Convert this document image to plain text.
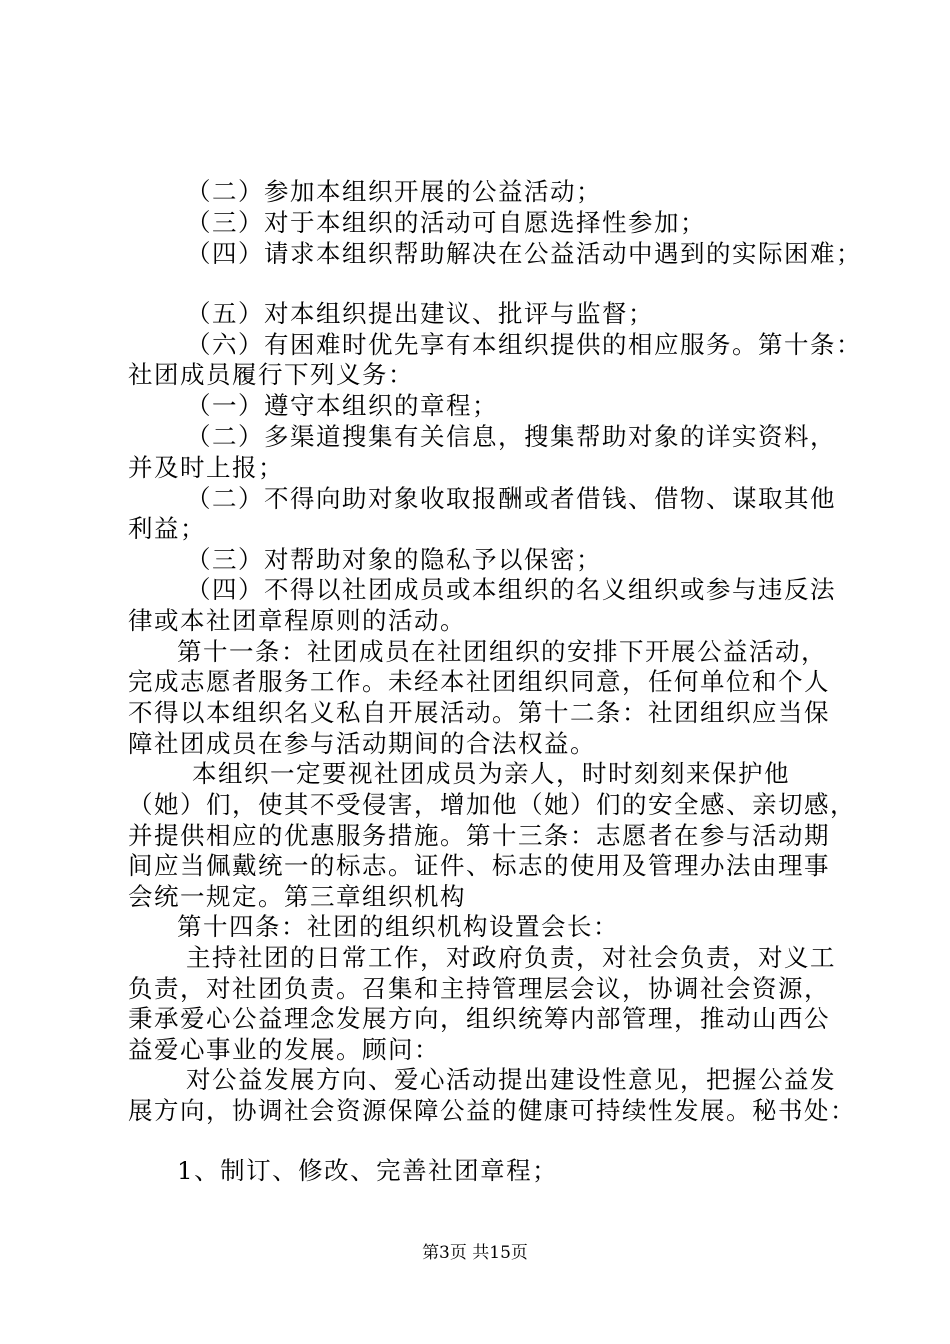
（二）参加本组织开展的公益活动；
（三）对于本组织的活动可自愿选择性参加；
（四）请求本组织帮助解决在公益活动中遇到的实际困难；
（五）对本组织提出建议、批评与监督；
（六）有困难时优先享有本组织提供的相应服务。第十条：
社团成员履行下列义务：
（一）遵守本组织的章程；
（二）多渠道搜集有关信息，搜集帮助对象的详实资料，
并及时上报；
（二）不得向助对象收取报酬或者借钱、借物、谋取其他
利益；
（三）对帮助对象的隐私予以保密；
（四）不得以社团成员或本组织的名义组织或参与违反法
律或本社团章程原则的活动。
第十一条：社团成员在社团组织的安排下开展公益活动，
完成志愿者服务工作。未经本社团组织同意，任何单位和个人
不得以本组织名义私自开展活动。第十二条：社团组织应当保
障社团成员在参与活动期间的合法权益。
本组织一定要视社团成员为亲人，时时刻刻来保护他
（她）们，使其不受侵害，增加他（她）们的安全感、亲切感，
并提供相应的优惠服务措施。第十三条：志愿者在参与活动期
间应当佩戴统一的标志。证件、标志的使用及管理办法由理事
会统一规定。第三章组织机构
第十四条：社团的组织机构设置会长：
主持社团的日常工作，对政府负责，对社会负责，对义工
负责，对社团负责。召集和主持管理层会议，协调社会资源，
秉承爱心公益理念发展方向，组织统筹内部管理，推动山西公
益爱心事业的发展。顾问：
对公益发展方向、爱心活动提出建设性意见，把握公益发
展方向，协调社会资源保障公益的健康可持续性发展。秘书处：
1、制订、修改、完善社团章程；
第3页 共15页
